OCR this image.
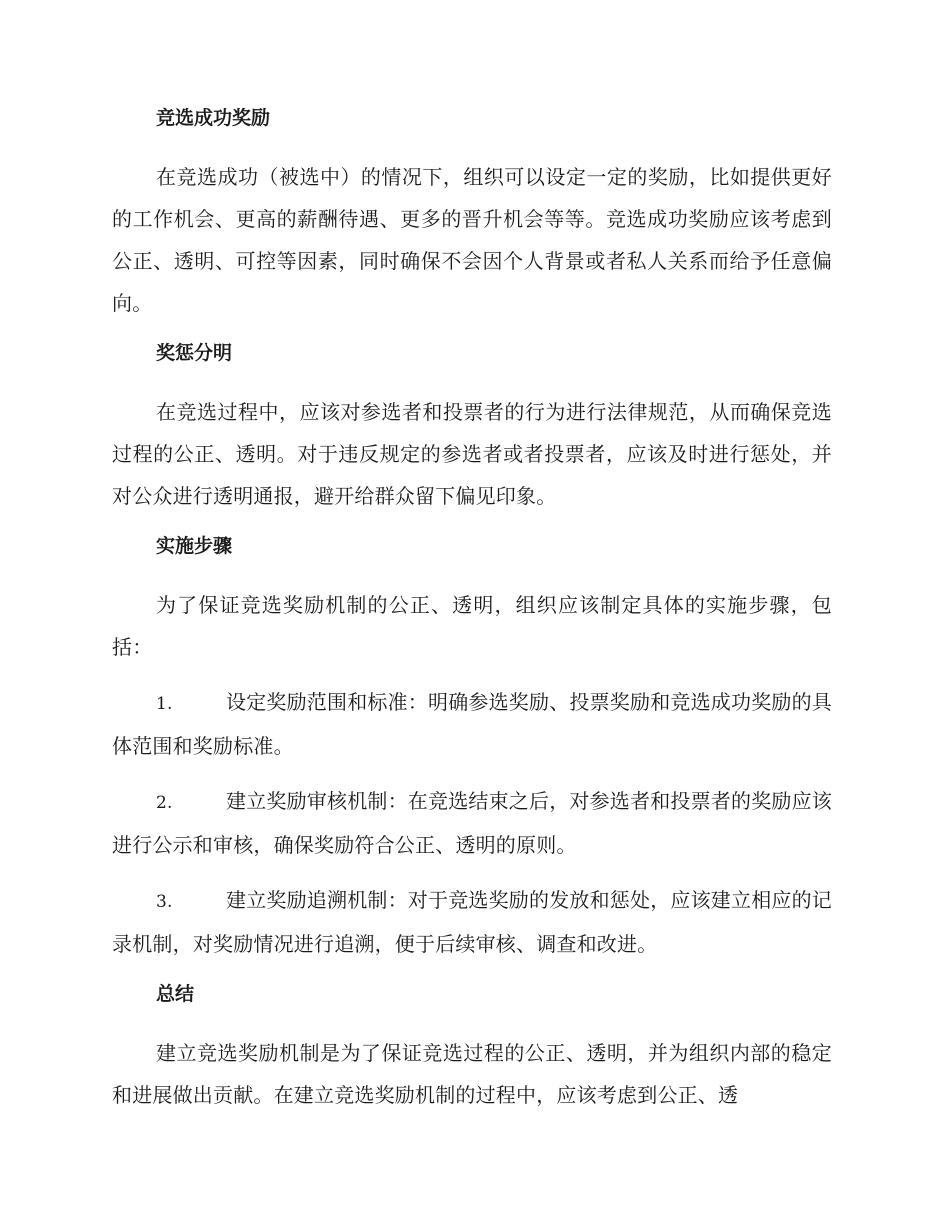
竞选成功奖励
在竞选成功（被选中）的情况下，组织可以设定一定的奖励，比如提供更好的工作机会、更高的薪酬待遇、更多的晋升机会等等。竞选成功奖励应该考虑到公正、透明、可控等因素，同时确保不会因个人背景或者私人关系而给予任意偏向。
奖惩分明
在竞选过程中，应该对参选者和投票者的行为进行法律规范，从而确保竞选过程的公正、透明。对于违反规定的参选者或者投票者，应该及时进行惩处，并对公众进行透明通报，避开给群众留下偏见印象。
实施步骤
为了保证竞选奖励机制的公正、透明，组织应该制定具体的实施步骤，包括：
1.	设定奖励范围和标准：明确参选奖励、投票奖励和竞选成功奖励的具体范围和奖励标准。
2.	建立奖励审核机制：在竞选结束之后，对参选者和投票者的奖励应该进行公示和审核，确保奖励符合公正、透明的原则。
3.	建立奖励追溯机制：对于竞选奖励的发放和惩处，应该建立相应的记录机制，对奖励情况进行追溯，便于后续审核、调查和改进。
总结
建立竞选奖励机制是为了保证竞选过程的公正、透明，并为组织内部的稳定和进展做出贡献。在建立竞选奖励机制的过程中，应该考虑到公正、透
